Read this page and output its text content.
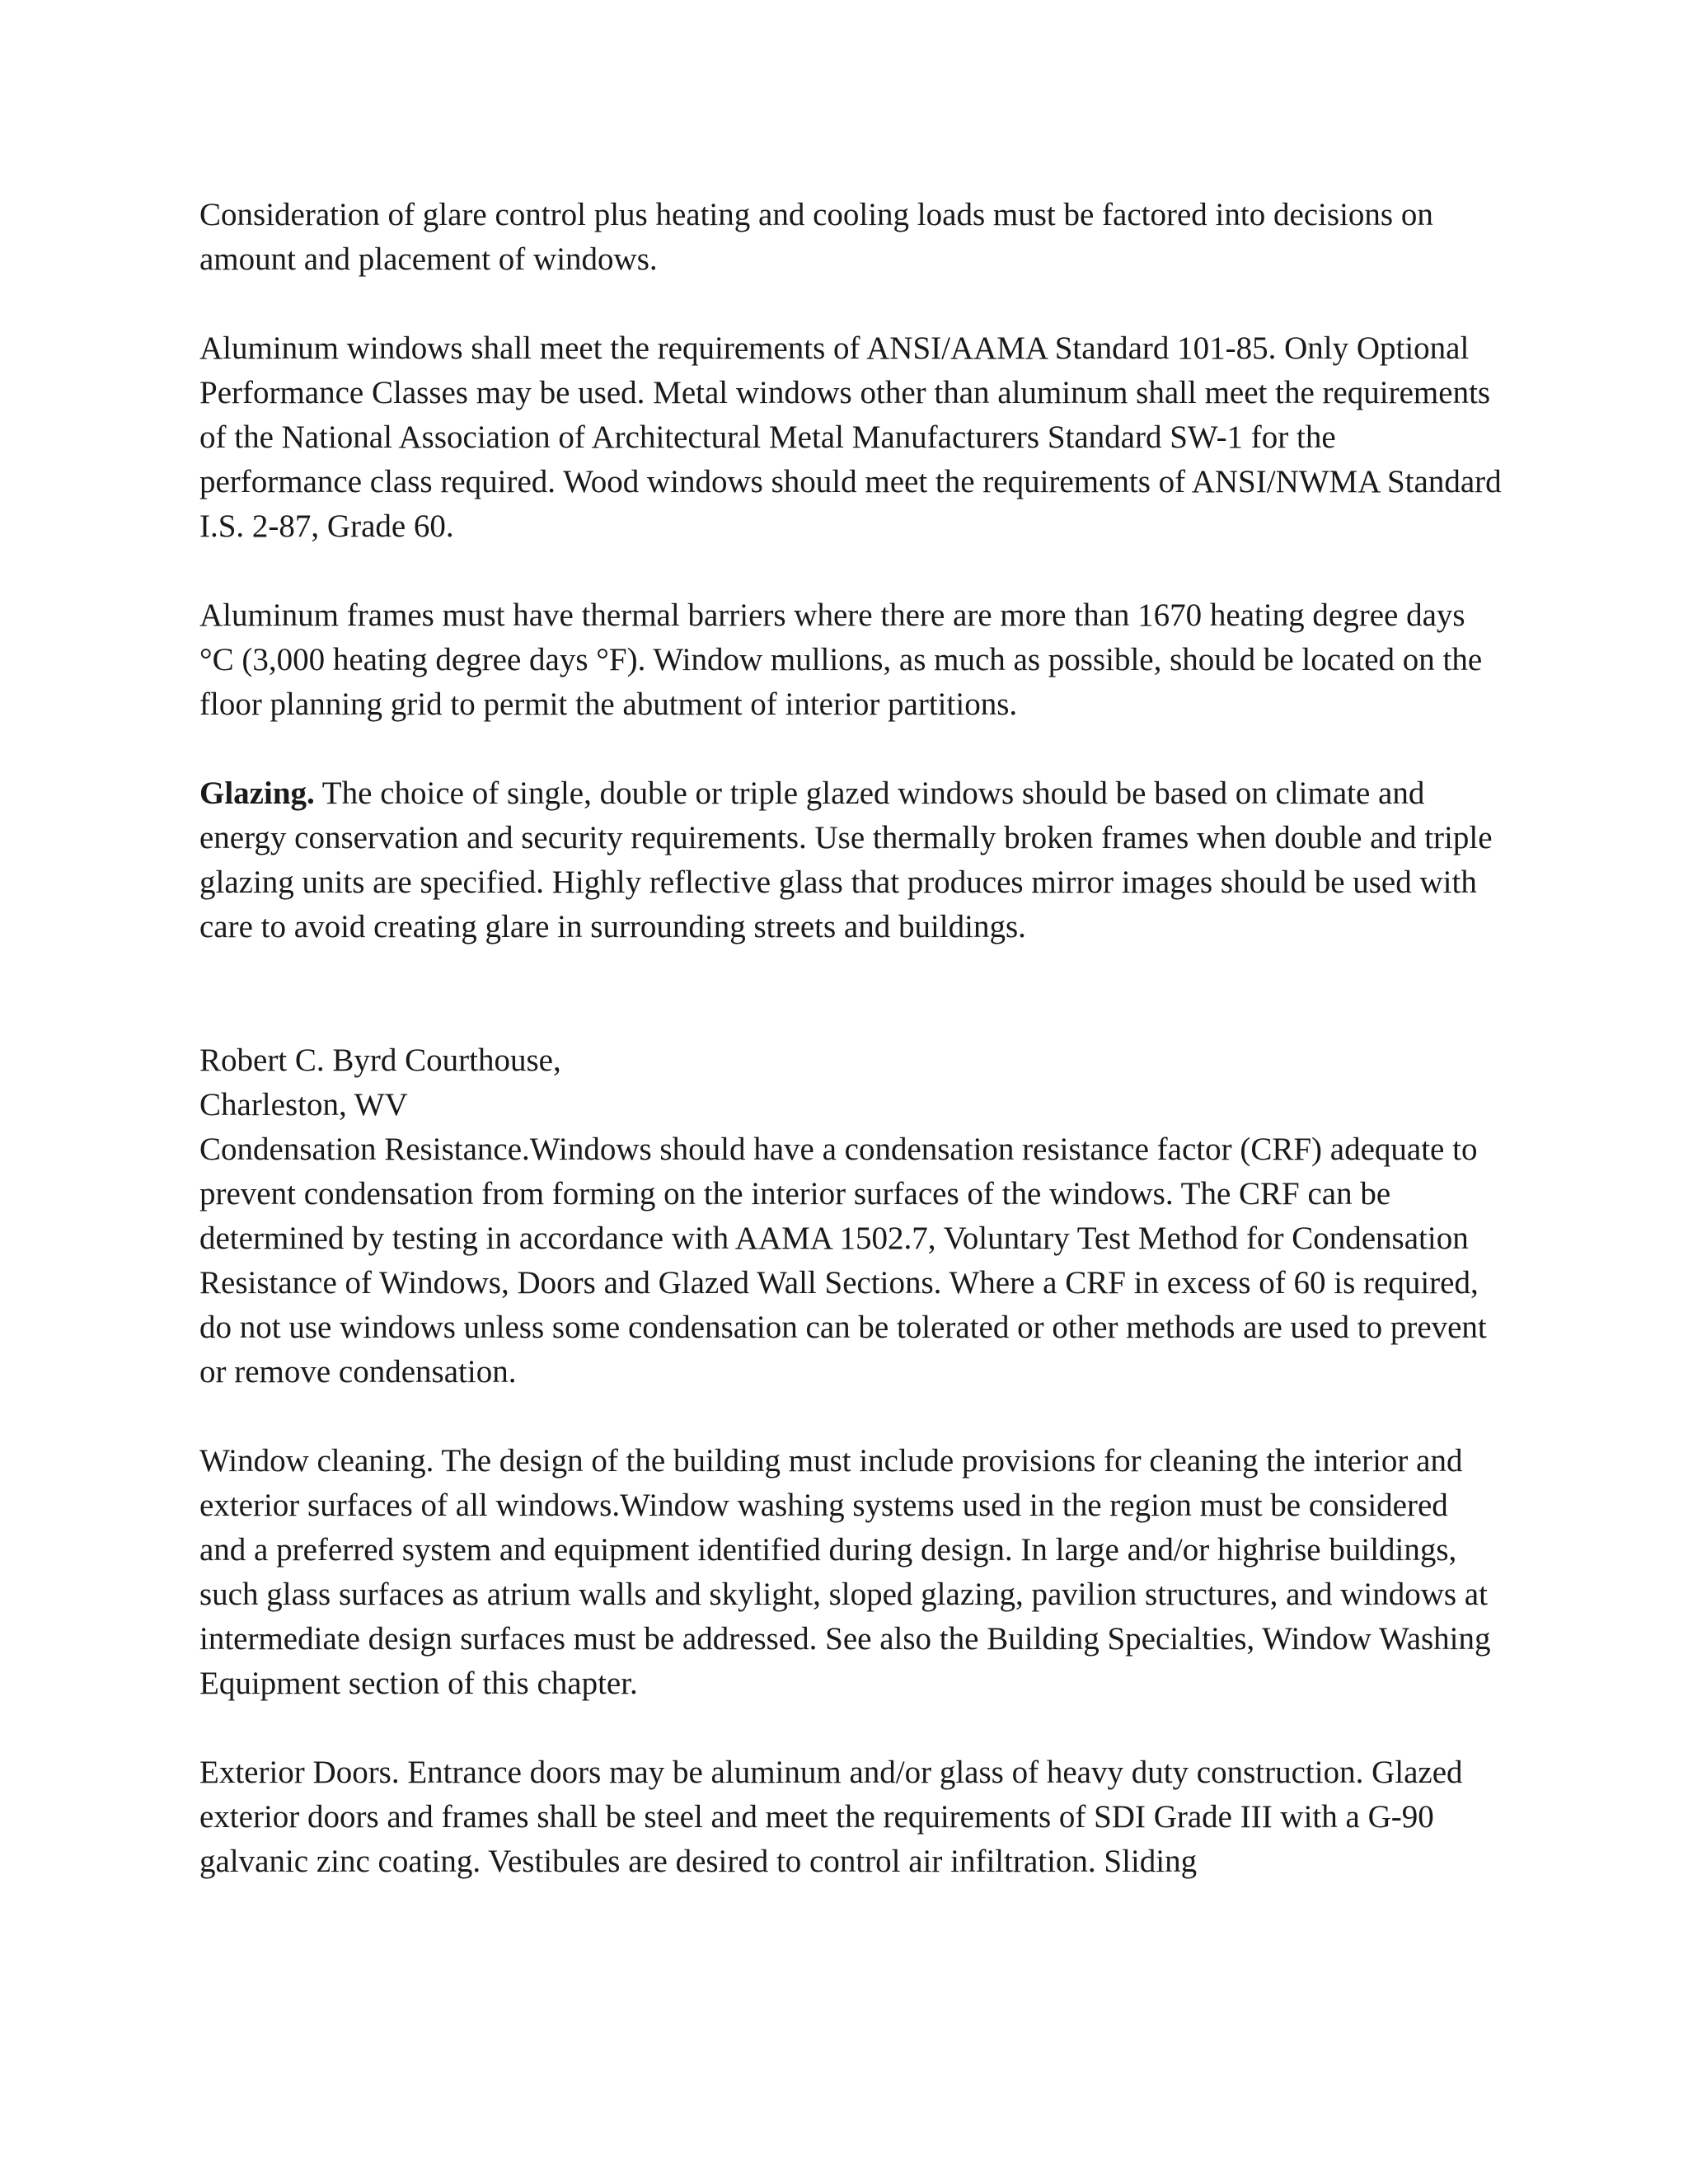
Consideration of glare control plus heating and cooling loads must be factored into decisions on amount and placement of windows.

Aluminum windows shall meet the requirements of ANSI/AAMA Standard 101-85. Only Optional Performance Classes may be used. Metal windows other than aluminum shall meet the requirements of the National Association of Architectural Metal Manufacturers Standard SW-1 for the performance class required. Wood windows should meet the requirements of ANSI/NWMA Standard I.S. 2-87, Grade 60.

Aluminum frames must have thermal barriers where there are more than 1670 heating degree days °C (3,000 heating degree days °F). Window mullions, as much as possible, should be located on the floor planning grid to permit the abutment of interior partitions.

Glazing. The choice of single, double or triple glazed windows should be based on climate and energy conservation and security requirements. Use thermally broken frames when double and triple glazing units are specified. Highly reflective glass that produces mirror images should be used with care to avoid creating glare in surrounding streets and buildings.

Robert C. Byrd Courthouse,
Charleston, WV

Condensation Resistance.Windows should have a condensation resistance factor (CRF) adequate to prevent condensation from forming on the interior surfaces of the windows. The CRF can be determined by testing in accordance with AAMA 1502.7, Voluntary Test Method for Condensation Resistance of Windows, Doors and Glazed Wall Sections. Where a CRF in excess of 60 is required, do not use windows unless some condensation can be tolerated or other methods are used to prevent or remove condensation.

Window cleaning. The design of the building must include provisions for cleaning the interior and exterior surfaces of all windows.Window washing systems used in the region must be considered and a preferred system and equipment identified during design. In large and/or highrise buildings, such glass surfaces as atrium walls and skylight, sloped glazing, pavilion structures, and windows at intermediate design surfaces must be addressed. See also the Building Specialties, Window Washing Equipment section of this chapter.

Exterior Doors. Entrance doors may be aluminum and/or glass of heavy duty construction. Glazed exterior doors and frames shall be steel and meet the requirements of SDI Grade III with a G-90 galvanic zinc coating. Vestibules are desired to control air infiltration. Sliding
